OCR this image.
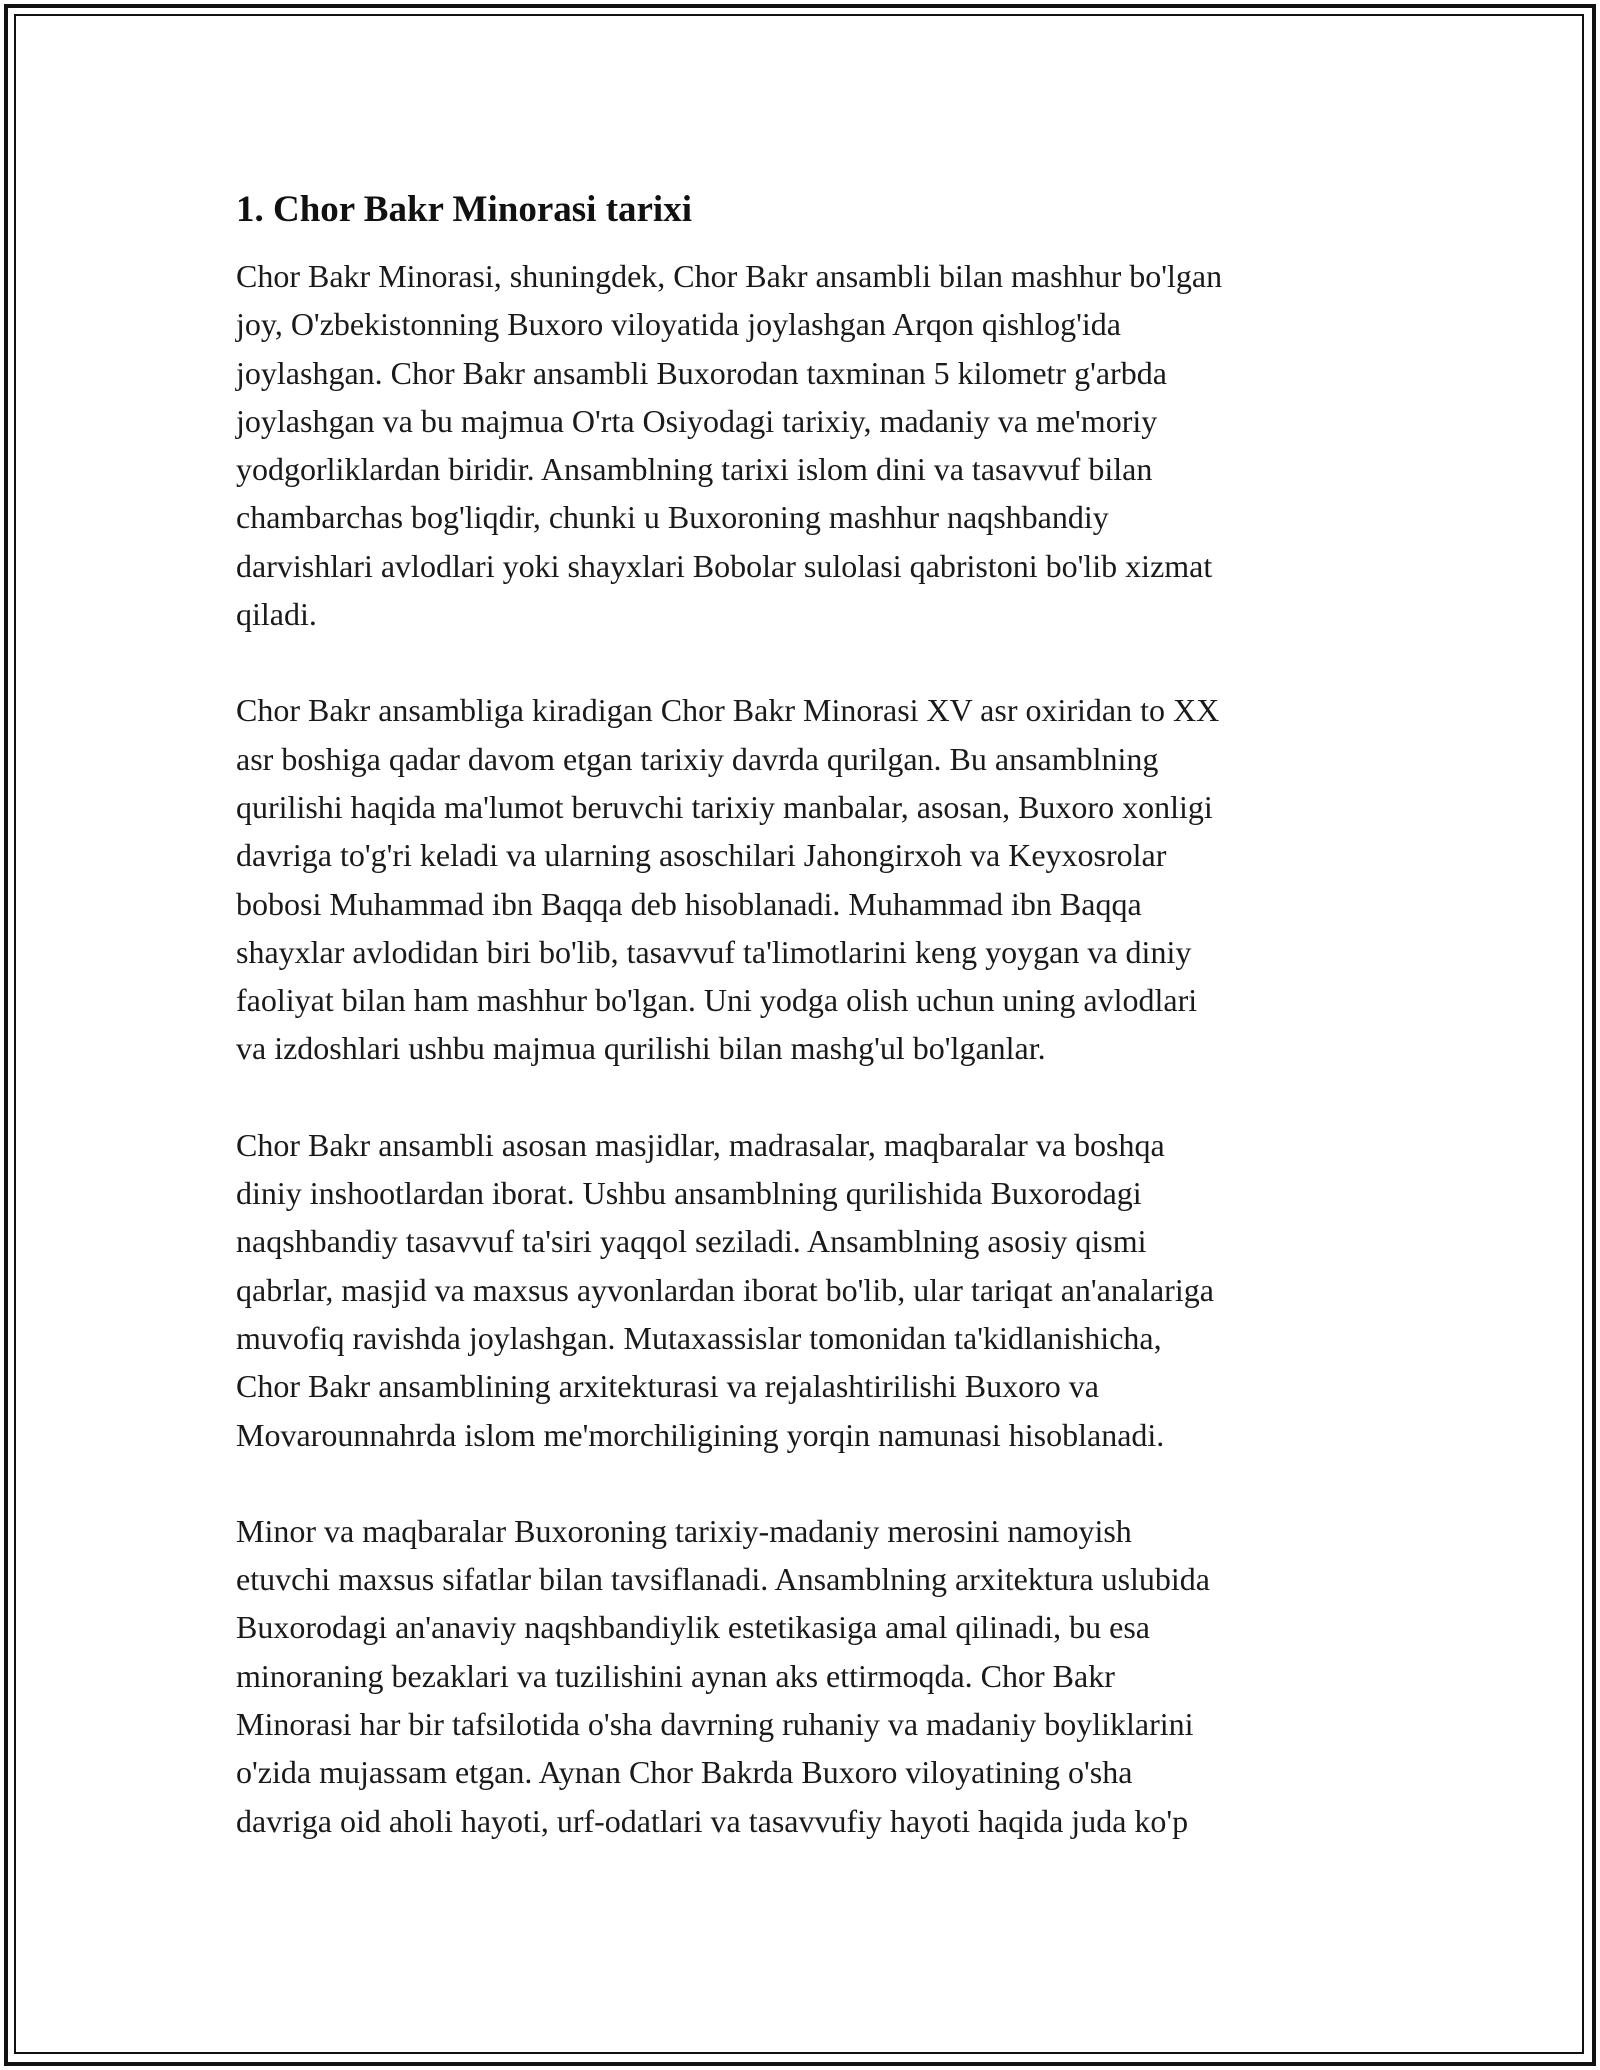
1. Chor Bakr Minorasi tarixi

Chor Bakr Minorasi, shuningdek, Chor Bakr ansambli bilan mashhur bo'lgan
joy, O'zbekistonning Buxoro viloyatida joylashgan Arqon qishlog'ida
joylashgan. Chor Bakr ansambli Buxorodan taxminan 5 kilometr g'arbda
joylashgan va bu majmua O'rta Osiyodagi tarixiy, madaniy va me'moriy
yodgorliklardan biridir. Ansamblning tarixi islom dini va tasavvuf bilan
chambarchas bog'liqdir, chunki u Buxoroning mashhur naqshbandiy
darvishlari avlodlari yoki shayxlari Bobolar sulolasi qabristoni bo'lib xizmat
qiladi.

Chor Bakr ansambliga kiradigan Chor Bakr Minorasi XV asr oxiridan to XX
asr boshiga qadar davom etgan tarixiy davrda qurilgan. Bu ansamblning
qurilishi haqida ma'lumot beruvchi tarixiy manbalar, asosan, Buxoro xonligi
davriga to'g'ri keladi va ularning asoschilari Jahongirxoh va Keyxosrolar
bobosi Muhammad ibn Baqqa deb hisoblanadi. Muhammad ibn Baqqa
shayxlar avlodidan biri bo'lib, tasavvuf ta'limotlarini keng yoygan va diniy
faoliyat bilan ham mashhur bo'lgan. Uni yodga olish uchun uning avlodlari
va izdoshlari ushbu majmua qurilishi bilan mashg'ul bo'lganlar.

Chor Bakr ansambli asosan masjidlar, madrasalar, maqbaralar va boshqa
diniy inshootlardan iborat. Ushbu ansamblning qurilishida Buxorodagi
naqshbandiy tasavvuf ta'siri yaqqol seziladi. Ansamblning asosiy qismi
qabrlar, masjid va maxsus ayvonlardan iborat bo'lib, ular tariqat an'analariga
muvofiq ravishda joylashgan. Mutaxassislar tomonidan ta'kidlanishicha,
Chor Bakr ansamblining arxitekturasi va rejalashtirilishi Buxoro va
Movarounnahrda islom me'morchiligining yorqin namunasi hisoblanadi.

Minor va maqbaralar Buxoroning tarixiy-madaniy merosini namoyish
etuvchi maxsus sifatlar bilan tavsiflanadi. Ansamblning arxitektura uslubida
Buxorodagi an'anaviy naqshbandiylik estetikasiga amal qilinadi, bu esa
minoraning bezaklari va tuzilishini aynan aks ettirmoqda. Chor Bakr
Minorasi har bir tafsilotida o'sha davrning ruhaniy va madaniy boyliklarini
o'zida mujassam etgan. Aynan Chor Bakrda Buxoro viloyatining o'sha
davriga oid aholi hayoti, urf-odatlari va tasavvufiy hayoti haqida juda ko'p
